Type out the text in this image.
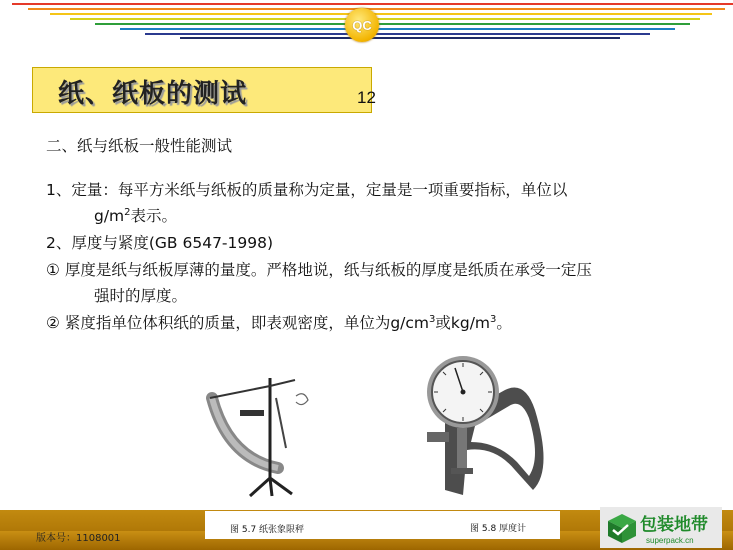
QC
纸、纸板的测试	12
二、纸与纸板一般性能测试
1、定量：每平方米纸与纸板的质量称为定量，定量是一项重要指标，单位以
$g/m^2$表示。
2、厚度与紧度(GB 6547-1998)
① 厚度是纸与纸板厚薄的量度。严格地说，纸与纸板的厚度是纸质在承受一定压
强时的厚度。
② 紧度指单位体积纸的质量，即表观密度，单位为$g/cm^3$或$kg/m^3$。
图 5.7 纸张象限秤	图 5.8 厚度计
版本号：1108001
包装地带
superpack.cn
